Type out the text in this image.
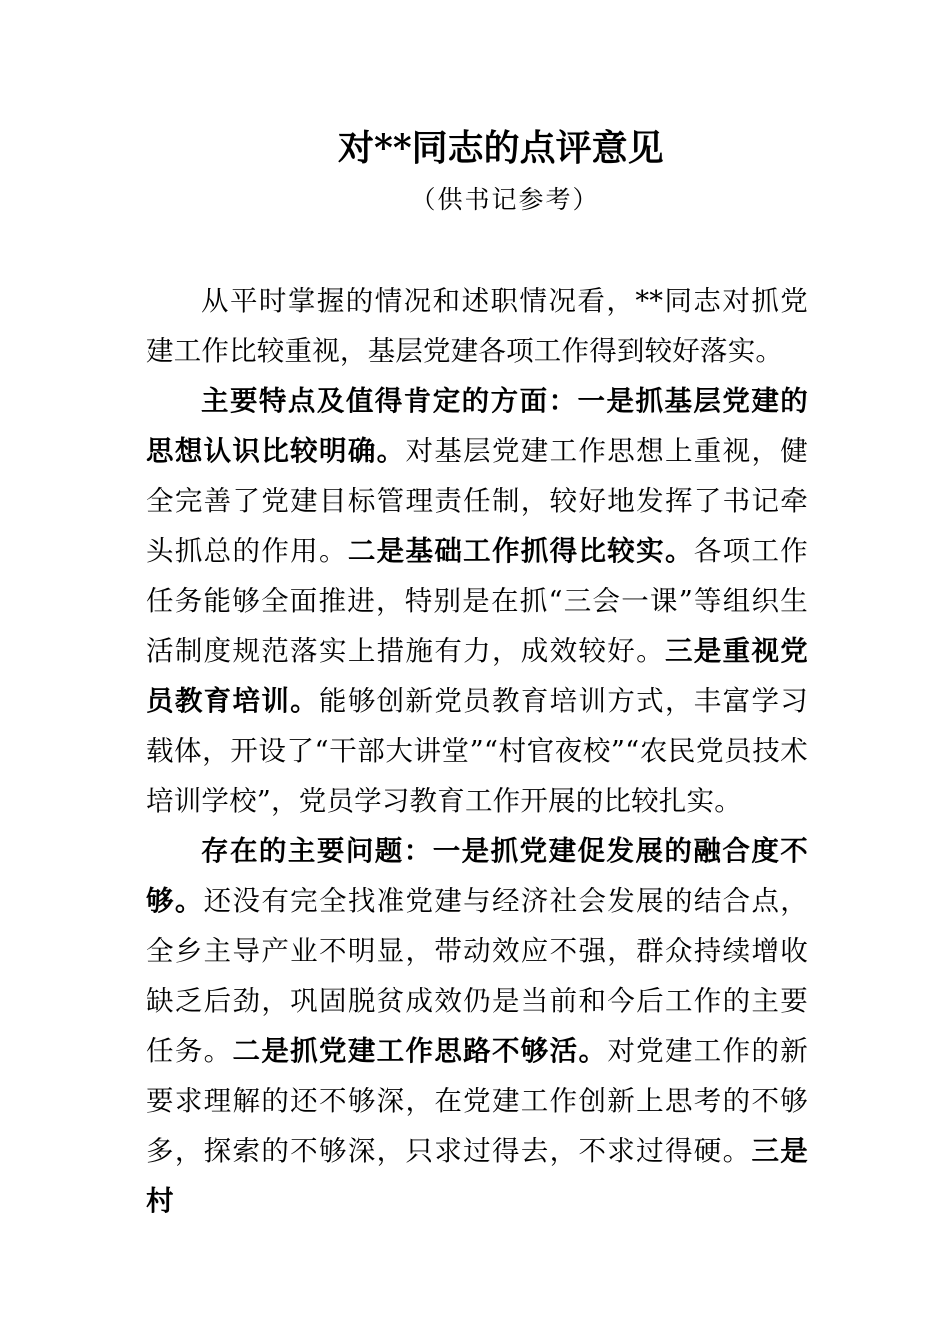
对**同志的点评意见
（供书记参考）

从平时掌握的情况和述职情况看，**同志对抓党建工作比较重视，基层党建各项工作得到较好落实。

主要特点及值得肯定的方面：一是抓基层党建的思想认识比较明确。对基层党建工作思想上重视，健全完善了党建目标管理责任制，较好地发挥了书记牵头抓总的作用。二是基础工作抓得比较实。各项工作任务能够全面推进，特别是在抓“三会一课”等组织生活制度规范落实上措施有力，成效较好。三是重视党员教育培训。能够创新党员教育培训方式，丰富学习载体，开设了“干部大讲堂”“村官夜校”“农民党员技术培训学校”，党员学习教育工作开展的比较扎实。

存在的主要问题：一是抓党建促发展的融合度不够。还没有完全找准党建与经济社会发展的结合点，全乡主导产业不明显，带动效应不强，群众持续增收缺乏后劲，巩固脱贫成效仍是当前和今后工作的主要任务。二是抓党建工作思路不够活。对党建工作的新要求理解的还不够深，在党建工作创新上思考的不够多，探索的不够深，只求过得去，不求过得硬。三是村
